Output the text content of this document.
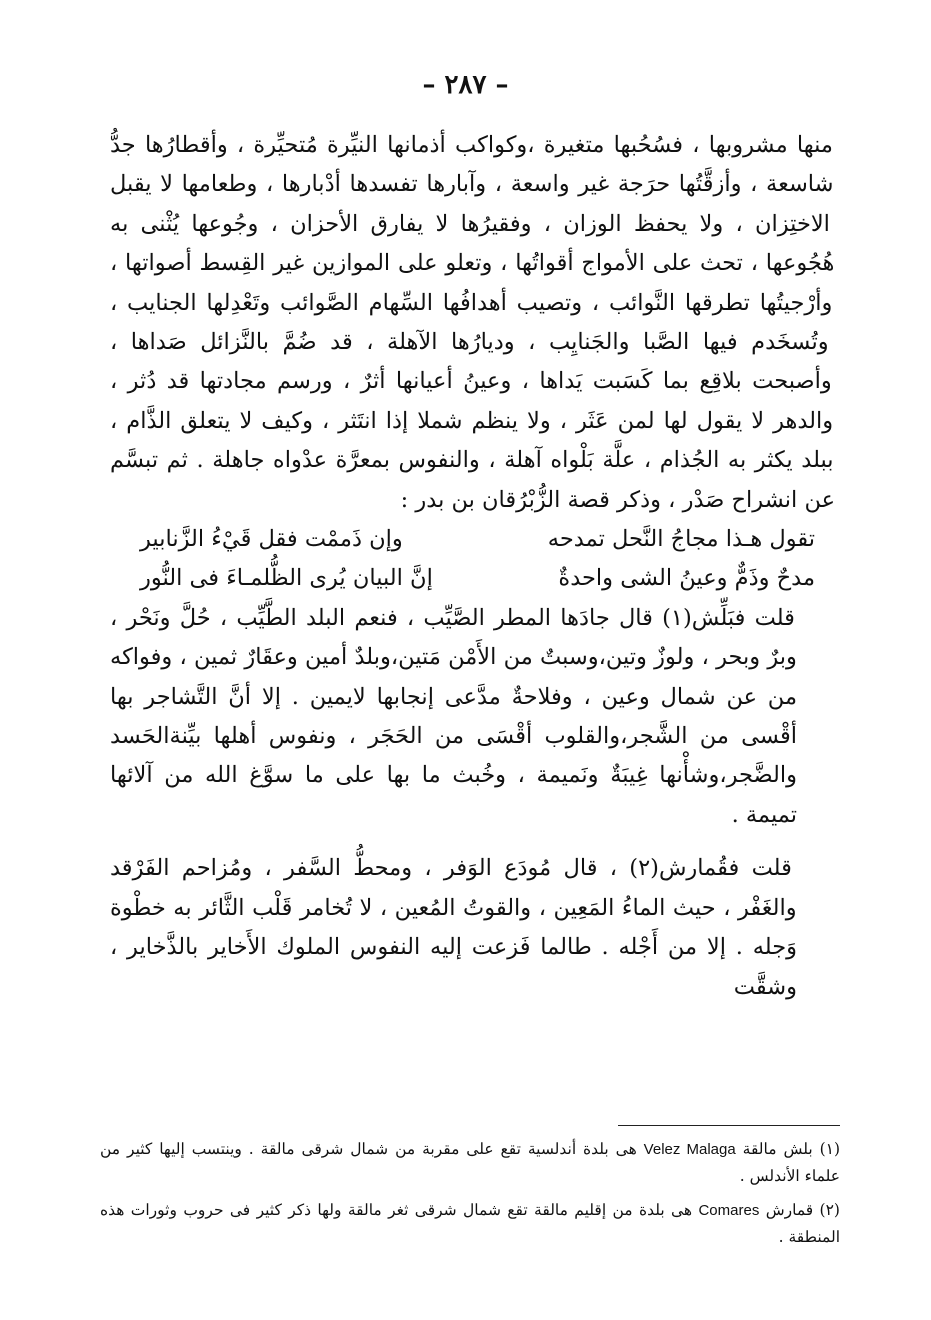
– ٢٨٧ –

منها مشروبها ، فسُحُبها متغيرة ،وكواكب أذمانها النيِّرة مُتحيِّرة ، وأقطارُها جدُّ شاسعة ، وأزقَّتُها حرَجة غير واسعة ، وآبارها تفسدها أدْبارها ، وطعامها لا يقبل الاختِزان ، ولا يحفظ الوزان ، وفقيرُها لا يفارق الأحزان ، وجُوعها يُثْنى به هُجُوعها ، تحث على الأمواج أقواتُها ، وتعلو على الموازين غير القِسط أصواتها ، وأرْجيتُها تطرقها النَّوائب ، وتصيب أهدافُها السِّهام الصَّوائب وتَعْدِلها الجنايب ، وتُسخَدم فيها الصَّبا والجَنايِب ، وديارُها الآهلة ، قد ضُمَّ بالنَّزائل صَداها ، وأصبحت بلاقِع بما كَسَبت يَداها ، وعينُ أعيانها أثرٌ ، ورسم مجادتها قد دُثر ، والدهر لا يقول لها لمن عَثَر ، ولا ينظم شملا إذا انتَثر ، وكيف لا يتعلق الذَّام ، ببلد يكثر به الجُذام ، علَّة بَلْواه آهلة ، والنفوس بمعرَّة عدْواه جاهلة . ثم تبسَّم عن انشراح صَدْر ، وذكر قصة الزُّبْرُقان بن بدر :

تقول هـذا مجاجُ النَّحل تمدحه
وإن ذَممْت فقل قَيْءُ الزَّنابير
مدحٌ وذَمٌّ وعينُ الشى واحدةٌ
إنَّ البيان يُرى الظُّلمـاءَ فى النُّور

قلت فبَلِّش(١) قال جادَها المطر الصَّيِّب ، فنعم البلد الطَّيِّب ، حُلَّ ونَحْر ، وبرٌ وبحر ، ولوزٌ وتين،وسبتٌ من الأَمْن مَتين،وبلدٌ أمين وعقَارٌ ثمين ، وفواكه من عن شمال وعين ، وفلاحةٌ مدَّعى إنجابها لايمين . إلا أنَّ التَّشاجر بها أقْسى من الشَّجر،والقلوب أقْسَى من الحَجَر ، ونفوس أهلها بيِّنةالحَسد والضَّجر،وشأْنها غِيبَةٌ ونَميمة ، وخُبث ما بها على ما سوَّغ الله من آلائها تميمة .

قلت فقُمارش(٢) ، قال مُودَع الوَفر ، ومحطُّ السَّفر ، ومُزاحم الفَرْقد والغَفْر ، حيث الماءُ المَعِين ، والقوتُ المُعين ، لا تُخامر قَلْب الثَّائر به خطْوة وَجله . إلا من أَجْله . طالما فَزعت إليه النفوس الملوك الأَخاير بالذَّخاير ، وشقَّت

(١) بلش مالقة Velez Malaga هى بلدة أندلسية تقع على مقربة من شمال شرقى مالقة . وينتسب إليها كثير من علماء الأندلس .

(٢) قمارش Comares هى بلدة من إقليم مالقة تقع شمال شرقى ثغر مالقة ولها ذكر كثير فى حروب وثورات هذه المنطقة .
